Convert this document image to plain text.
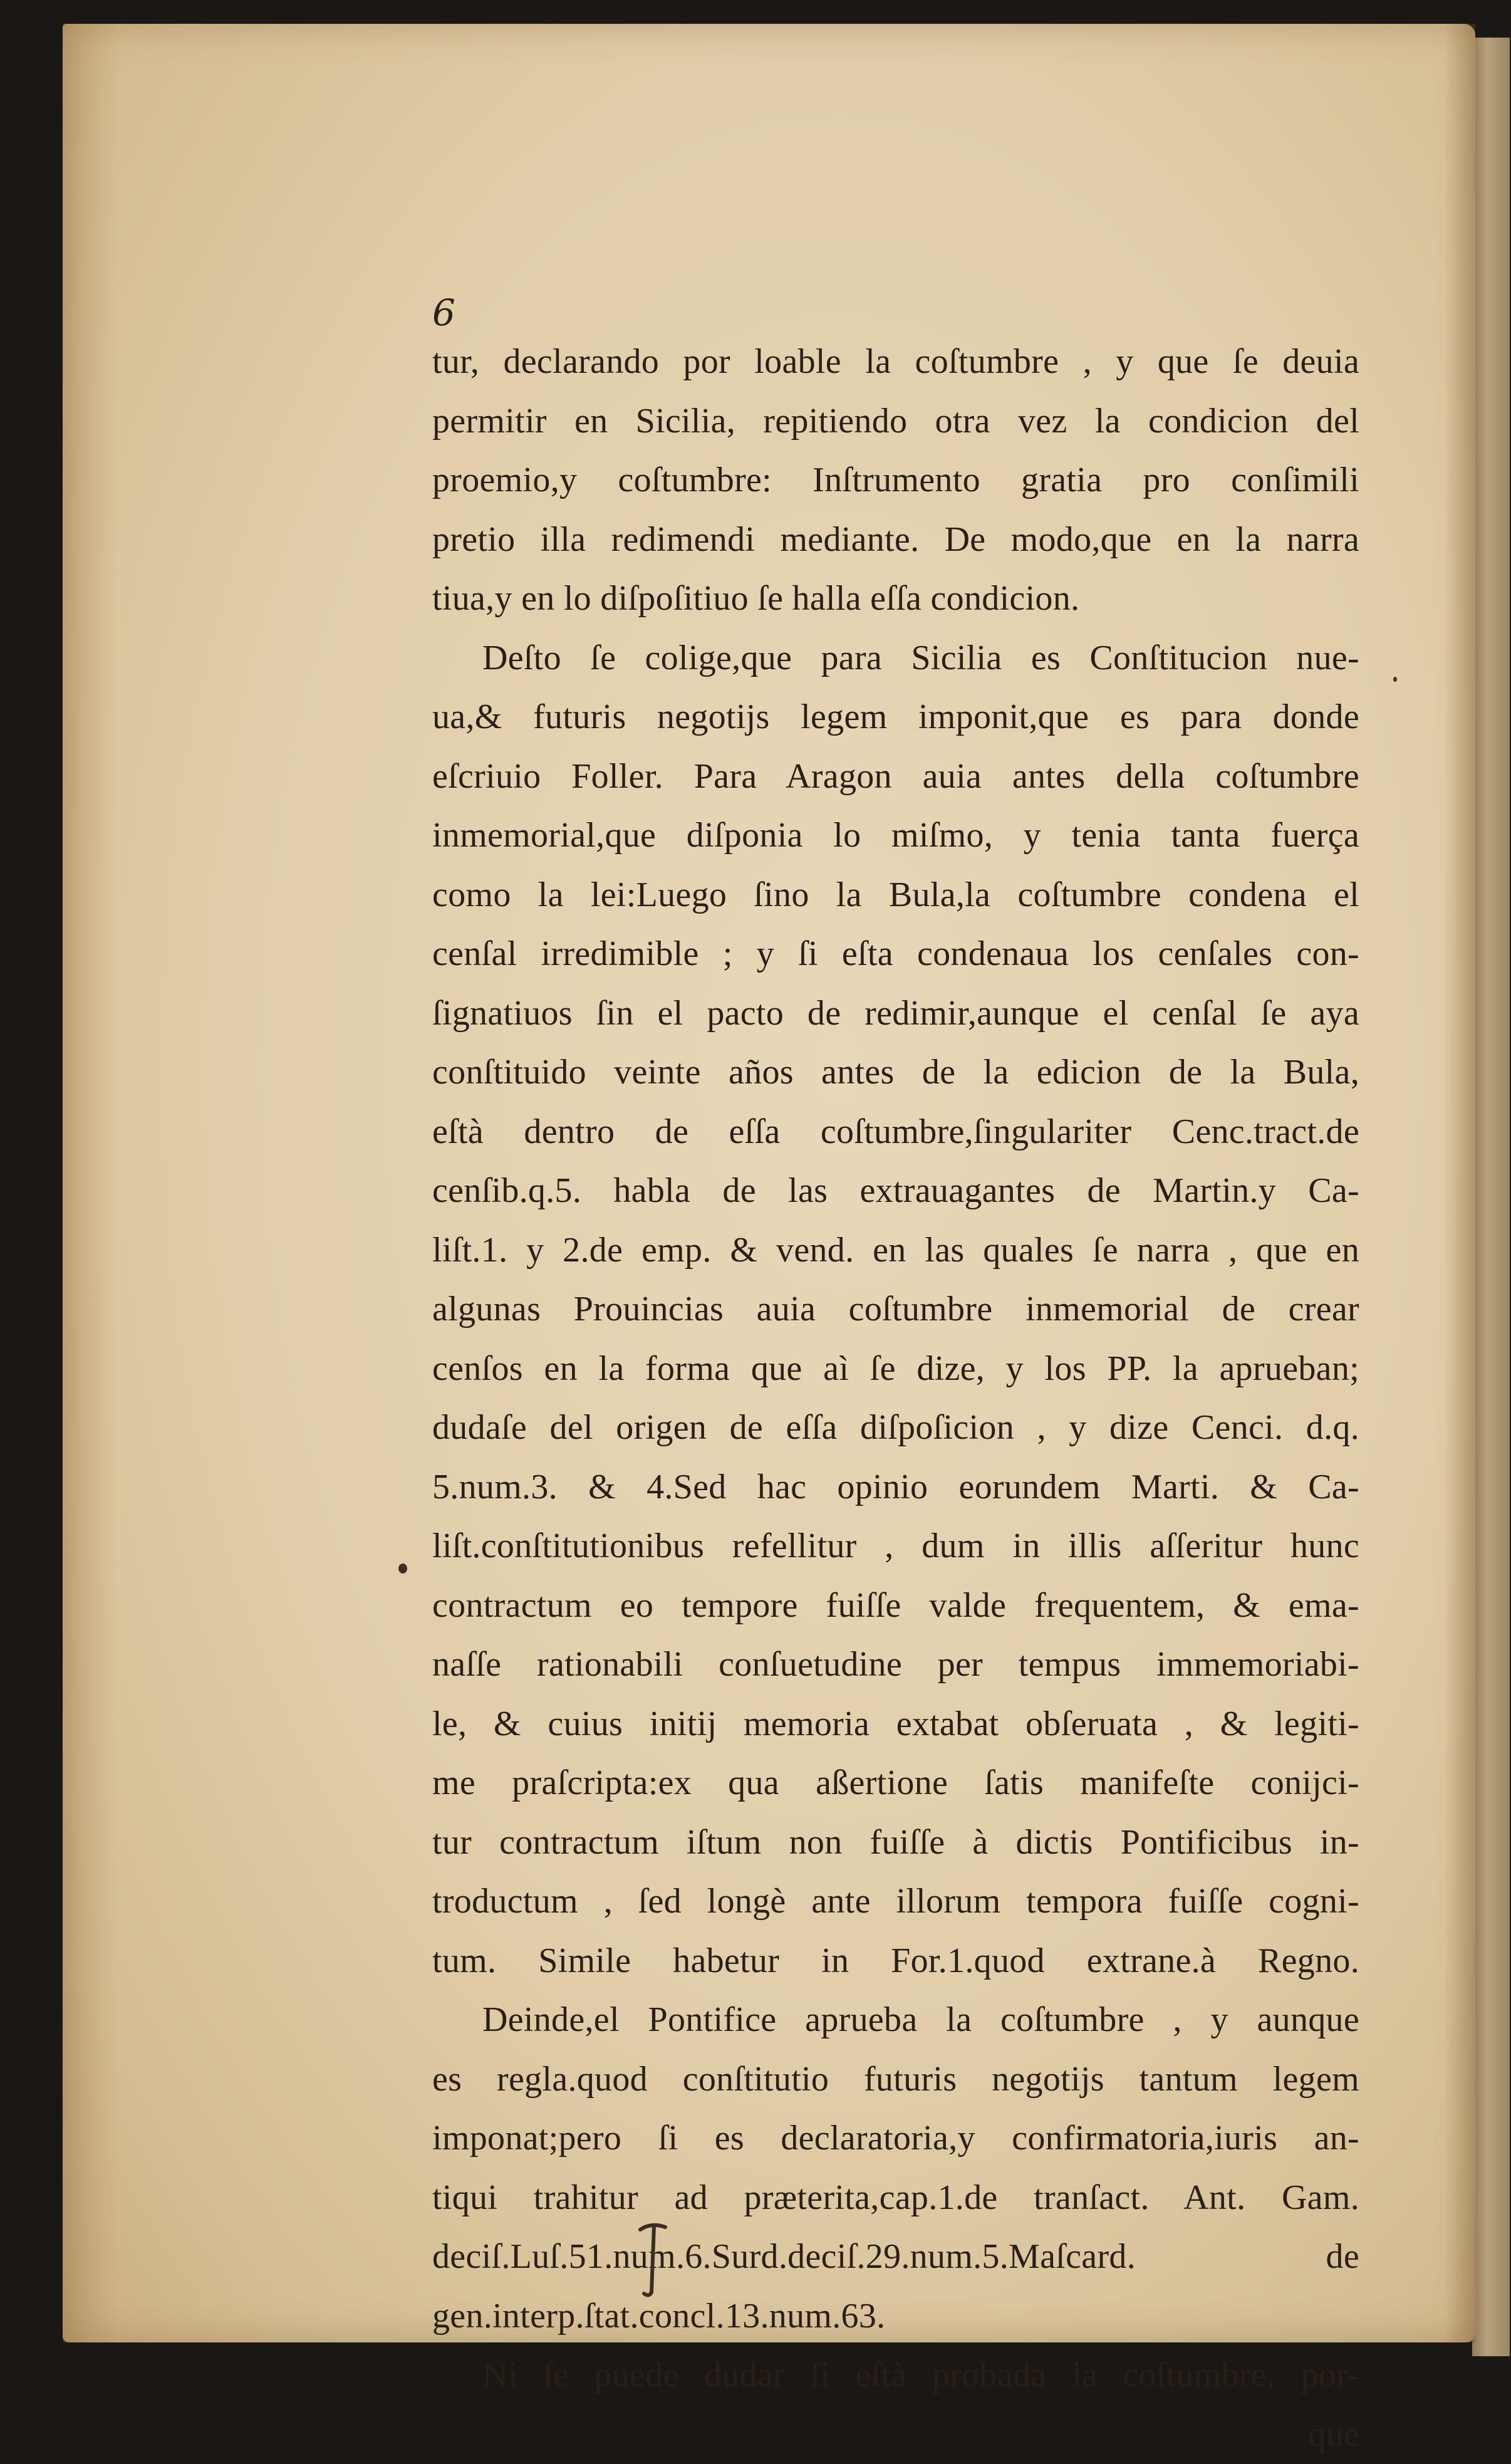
6
tur, declarando por loable la coſtumbre , y que ſe deuia
permitir en Sicilia, repitiendo otra vez la condicion del
proemio,y coſtumbre: Inſtrumento gratia pro conſimili
pretio illa redimendi mediante. De modo,que en la narra
tiua,y en lo diſpoſitiuo ſe halla eſſa condicion.
Deſto ſe colige,que para Sicilia es Conſtitucion nue-
ua,& futuris negotijs legem imponit,que es para donde
eſcriuio Foller. Para Aragon auia antes della coſtumbre
inmemorial,que diſponia lo miſmo, y tenia tanta fuerça
como la lei:Luego ſino la Bula,la coſtumbre condena el
cenſal irredimible ; y ſi eſta condenaua los cenſales con-
ſignatiuos ſin el pacto de redimir,aunque el cenſal ſe aya
conſtituido veinte años antes de la edicion de la Bula,
eſtà dentro de eſſa coſtumbre,ſingulariter Cenc.tract.de
cenſib.q.5. habla de las extrauagantes de Martin.y Ca-
liſt.1. y 2.de emp. & vend. en las quales ſe narra , que en
algunas Prouincias auia coſtumbre inmemorial de crear
cenſos en la forma que aì ſe dize, y los PP. la aprueban;
dudaſe del origen de eſſa diſpoſicion , y dize Cenci. d.q.
5.num.3. & 4.Sed hac opinio eorundem Marti. & Ca-
liſt.conſtitutionibus refellitur , dum in illis aſſeritur hunc
contractum eo tempore fuiſſe valde frequentem, & ema-
naſſe rationabili conſuetudine per tempus immemoriabi-
le, & cuius initij memoria extabat obſeruata , & legiti-
me praſcripta:ex qua aßertione ſatis manifeſte conijci-
tur contractum iſtum non fuiſſe à dictis Pontificibus in-
troductum , ſed longè ante illorum tempora fuiſſe cogni-
tum. Simile habetur in For.1.quod extrane.à Regno.
Deinde,el Pontifice aprueba la coſtumbre , y aunque
es regla.quod conſtitutio futuris negotijs tantum legem
imponat;pero ſi es declaratoria,y confirmatoria,iuris an-
tiqui trahitur ad præterita,cap.1.de tranſact. Ant. Gam.
deciſ.Luſ.51.num.6.Surd.deciſ.29.num.5.Maſcard. de
gen.interp.ſtat.concl.13.num.63.
Ni ſe puede dudar ſi eſtà probada la coſtumbre, por-
que
